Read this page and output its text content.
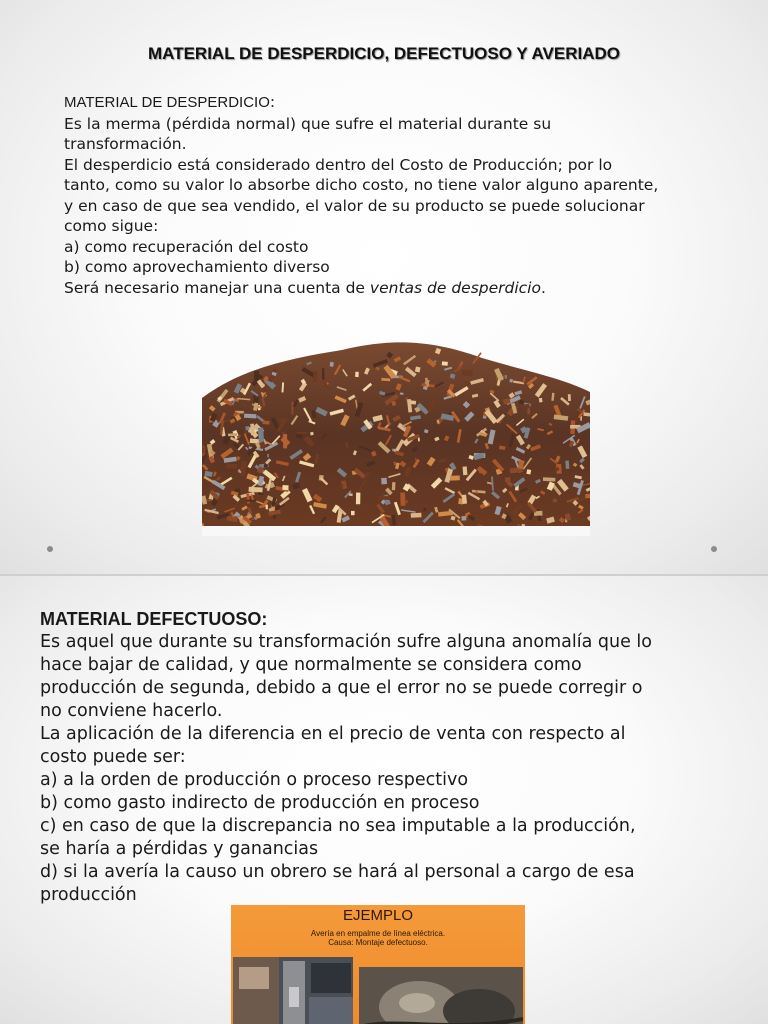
MATERIAL DE DESPERDICIO, DEFECTUOSO Y AVERIADO
MATERIAL DE DESPERDICIO:
Es la merma (pérdida normal) que sufre el material durante su
transformación.
El desperdicio está considerado dentro del Costo de Producción; por lo
tanto, como su valor lo absorbe dicho costo, no tiene valor alguno aparente,
y en caso de que sea vendido, el valor de su producto se puede solucionar
como sigue:
a) como recuperación del costo
b) como aprovechamiento diverso
Será necesario manejar una cuenta de ventas de desperdicio.
MATERIAL DEFECTUOSO:
Es aquel que durante su transformación sufre alguna anomalía que lo
hace bajar de calidad, y que normalmente se considera como
producción de segunda, debido a que el error no se puede corregir o
no conviene hacerlo.
La aplicación de la diferencia en el precio de venta con respecto al
costo puede ser:
a) a la orden de producción o proceso respectivo
b) como gasto indirecto de producción en proceso
c) en caso de que la discrepancia no sea imputable a la producción,
se haría a pérdidas y ganancias
d) si la avería la causo un obrero se hará al personal a cargo de esa
producción
EJEMPLO
Avería en empalme de línea eléctrica.
Causa: Montaje defectuoso.
